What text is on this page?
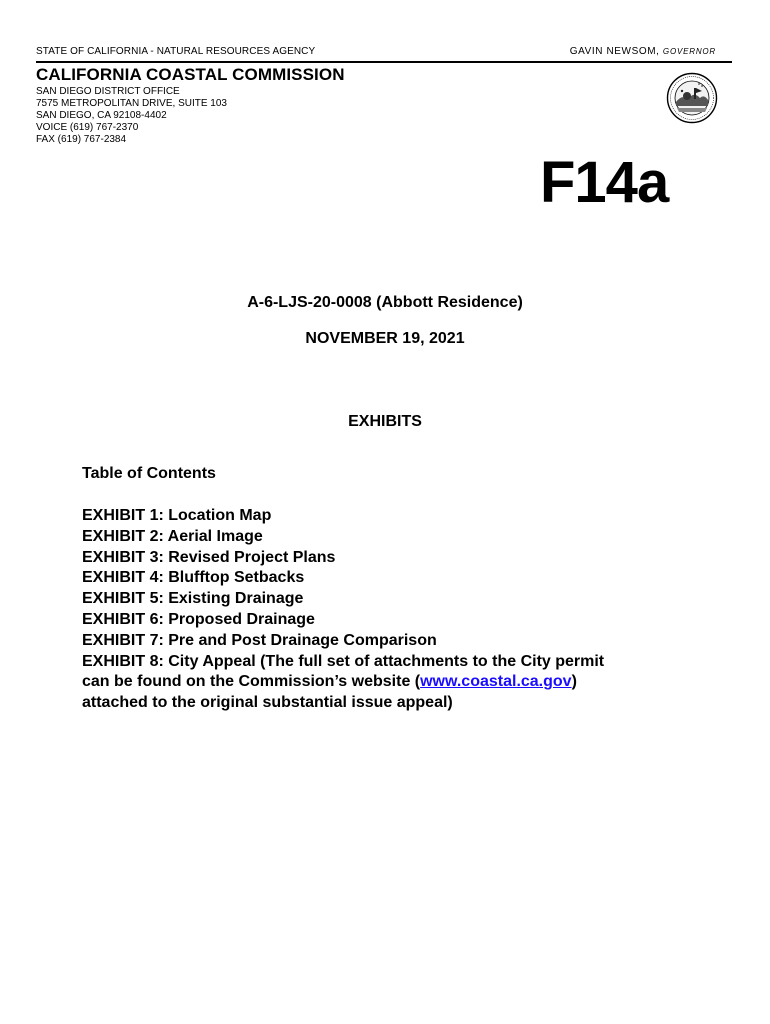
STATE OF CALIFORNIA - NATURAL RESOURCES AGENCY	GAVIN NEWSOM, GOVERNOR
CALIFORNIA COASTAL COMMISSION
SAN DIEGO DISTRICT OFFICE
7575 METROPOLITAN DRIVE, SUITE 103
SAN DIEGO, CA 92108-4402
VOICE (619) 767-2370
FAX (619) 767-2384
F14a
A-6-LJS-20-0008 (Abbott Residence)
NOVEMBER 19, 2021
EXHIBITS
Table of Contents
EXHIBIT 1: Location Map
EXHIBIT 2: Aerial Image
EXHIBIT 3: Revised Project Plans
EXHIBIT 4: Blufftop Setbacks
EXHIBIT 5: Existing Drainage
EXHIBIT 6: Proposed Drainage
EXHIBIT 7: Pre and Post Drainage Comparison
EXHIBIT 8: City Appeal (The full set of attachments to the City permit
can be found on the Commission’s website (www.coastal.ca.gov)
attached to the original substantial issue appeal)
